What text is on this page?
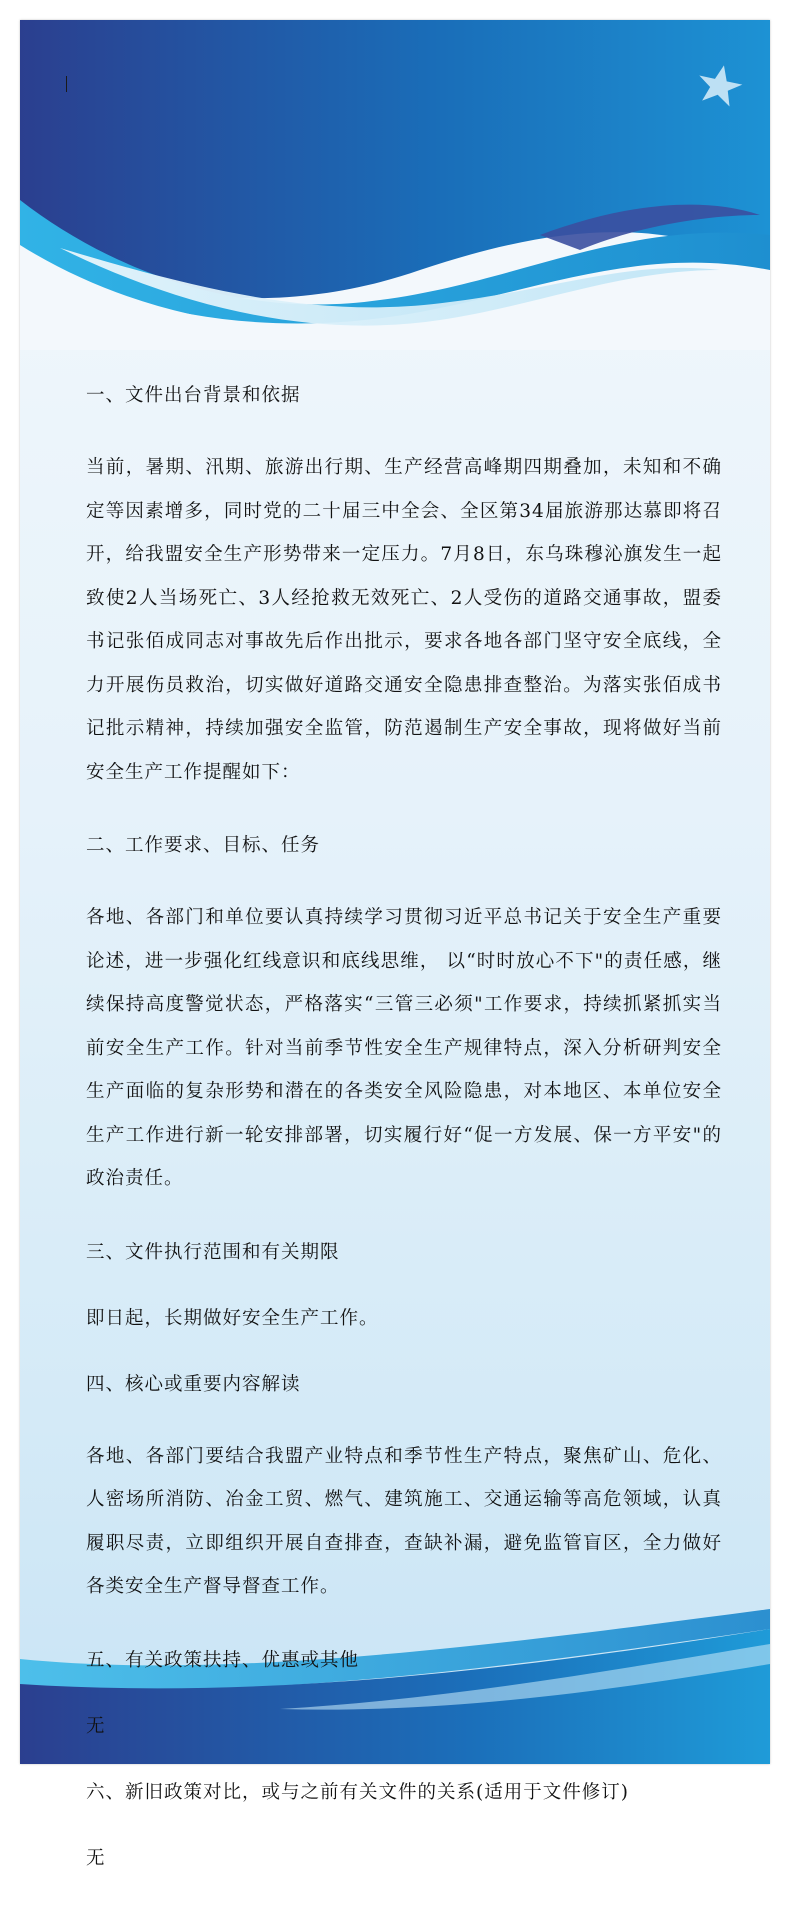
一、文件出台背景和依据

当前，暑期、汛期、旅游出行期、生产经营高峰期四期叠加，未知和不确定等因素增多，同时党的二十届三中全会、全区第34届旅游那达慕即将召开，给我盟安全生产形势带来一定压力。7月8日，东乌珠穆沁旗发生一起致使2人当场死亡、3人经抢救无效死亡、2人受伤的道路交通事故，盟委书记张佰成同志对事故先后作出批示，要求各地各部门坚守安全底线，全力开展伤员救治，切实做好道路交通安全隐患排查整治。为落实张佰成书记批示精神，持续加强安全监管，防范遏制生产安全事故，现将做好当前安全生产工作提醒如下：

二、工作要求、目标、任务

各地、各部门和单位要认真持续学习贯彻习近平总书记关于安全生产重要论述，进一步强化红线意识和底线思维， 以“时时放心不下"的责任感，继续保持高度警觉状态，严格落实“三管三必须"工作要求，持续抓紧抓实当前安全生产工作。针对当前季节性安全生产规律特点，深入分析研判安全生产面临的复杂形势和潜在的各类安全风险隐患，对本地区、本单位安全生产工作进行新一轮安排部署，切实履行好“促一方发展、保一方平安"的政治责任。

三、文件执行范围和有关期限

即日起，长期做好安全生产工作。

四、核心或重要内容解读

各地、各部门要结合我盟产业特点和季节性生产特点，聚焦矿山、危化、人密场所消防、冶金工贸、燃气、建筑施工、交通运输等高危领域，认真履职尽责，立即组织开展自查排查，查缺补漏，避免监管盲区，全力做好各类安全生产督导督查工作。

五、有关政策扶持、优惠或其他

无

六、新旧政策对比，或与之前有关文件的关系(适用于文件修订)

无
